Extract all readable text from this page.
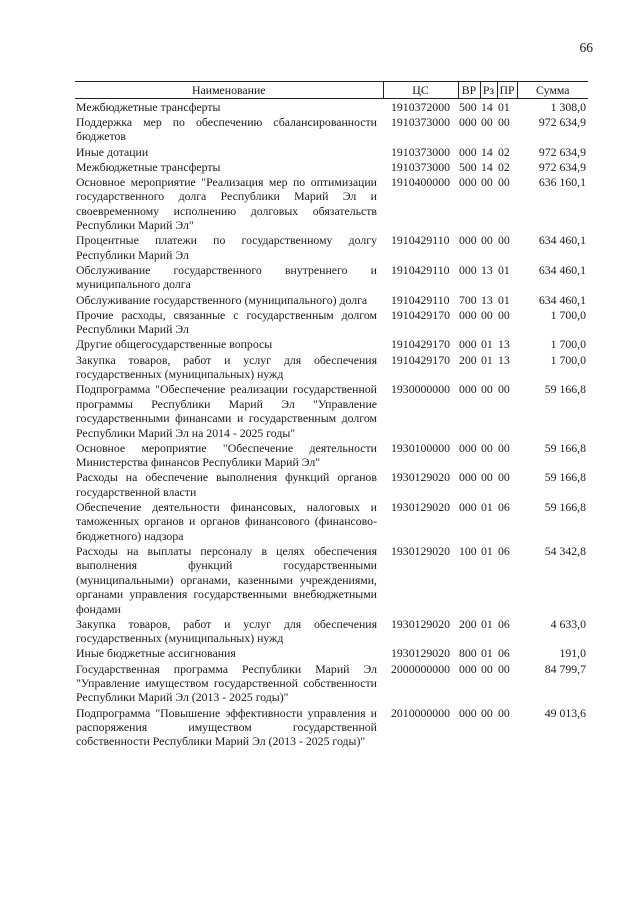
66
Наименование	ЦС	ВР	Рз	ПР	Сумма
Межбюджетные трансферты	1910372000	500	14	01	1 308,0
Поддержка мер по обеспечению сбалансированности бюджетов	1910373000	000	00	00	972 634,9
Иные дотации	1910373000	000	14	02	972 634,9
Межбюджетные трансферты	1910373000	500	14	02	972 634,9
Основное мероприятие "Реализация мер по оптимизации государственного долга Республики Марий Эл и своевременному исполнению долговых обязательств Республики Марий Эл"	1910400000	000	00	00	636 160,1
Процентные платежи по государственному долгу Республики Марий Эл	1910429110	000	00	00	634 460,1
Обслуживание государственного внутреннего и муниципального долга	1910429110	000	13	01	634 460,1
Обслуживание государственного (муниципального) долга	1910429110	700	13	01	634 460,1
Прочие расходы, связанные с государственным долгом Республики Марий Эл	1910429170	000	00	00	1 700,0
Другие общегосударственные вопросы	1910429170	000	01	13	1 700,0
Закупка товаров, работ и услуг для обеспечения государственных (муниципальных) нужд	1910429170	200	01	13	1 700,0
Подпрограмма "Обеспечение реализации государственной программы Республики Марий Эл "Управление государственными финансами и государственным долгом Республики Марий Эл на 2014 - 2025 годы"	1930000000	000	00	00	59 166,8
Основное мероприятие "Обеспечение деятельности Министерства финансов Республики Марий Эл"	1930100000	000	00	00	59 166,8
Расходы на обеспечение выполнения функций органов государственной власти	1930129020	000	00	00	59 166,8
Обеспечение деятельности финансовых, налоговых и таможенных органов и органов финансового (финансово-бюджетного) надзора	1930129020	000	01	06	59 166,8
Расходы на выплаты персоналу в целях обеспечения выполнения функций государственными (муниципальными) органами, казенными учреждениями, органами управления государственными внебюджетными фондами	1930129020	100	01	06	54 342,8
Закупка товаров, работ и услуг для обеспечения государственных (муниципальных) нужд	1930129020	200	01	06	4 633,0
Иные бюджетные ассигнования	1930129020	800	01	06	191,0
Государственная программа Республики Марий Эл "Управление имуществом государственной собственности Республики Марий Эл (2013 - 2025 годы)"	2000000000	000	00	00	84 799,7
Подпрограмма "Повышение эффективности управления и распоряжения имуществом государственной собственности Республики Марий Эл (2013 - 2025 годы)"	2010000000	000	00	00	49 013,6
